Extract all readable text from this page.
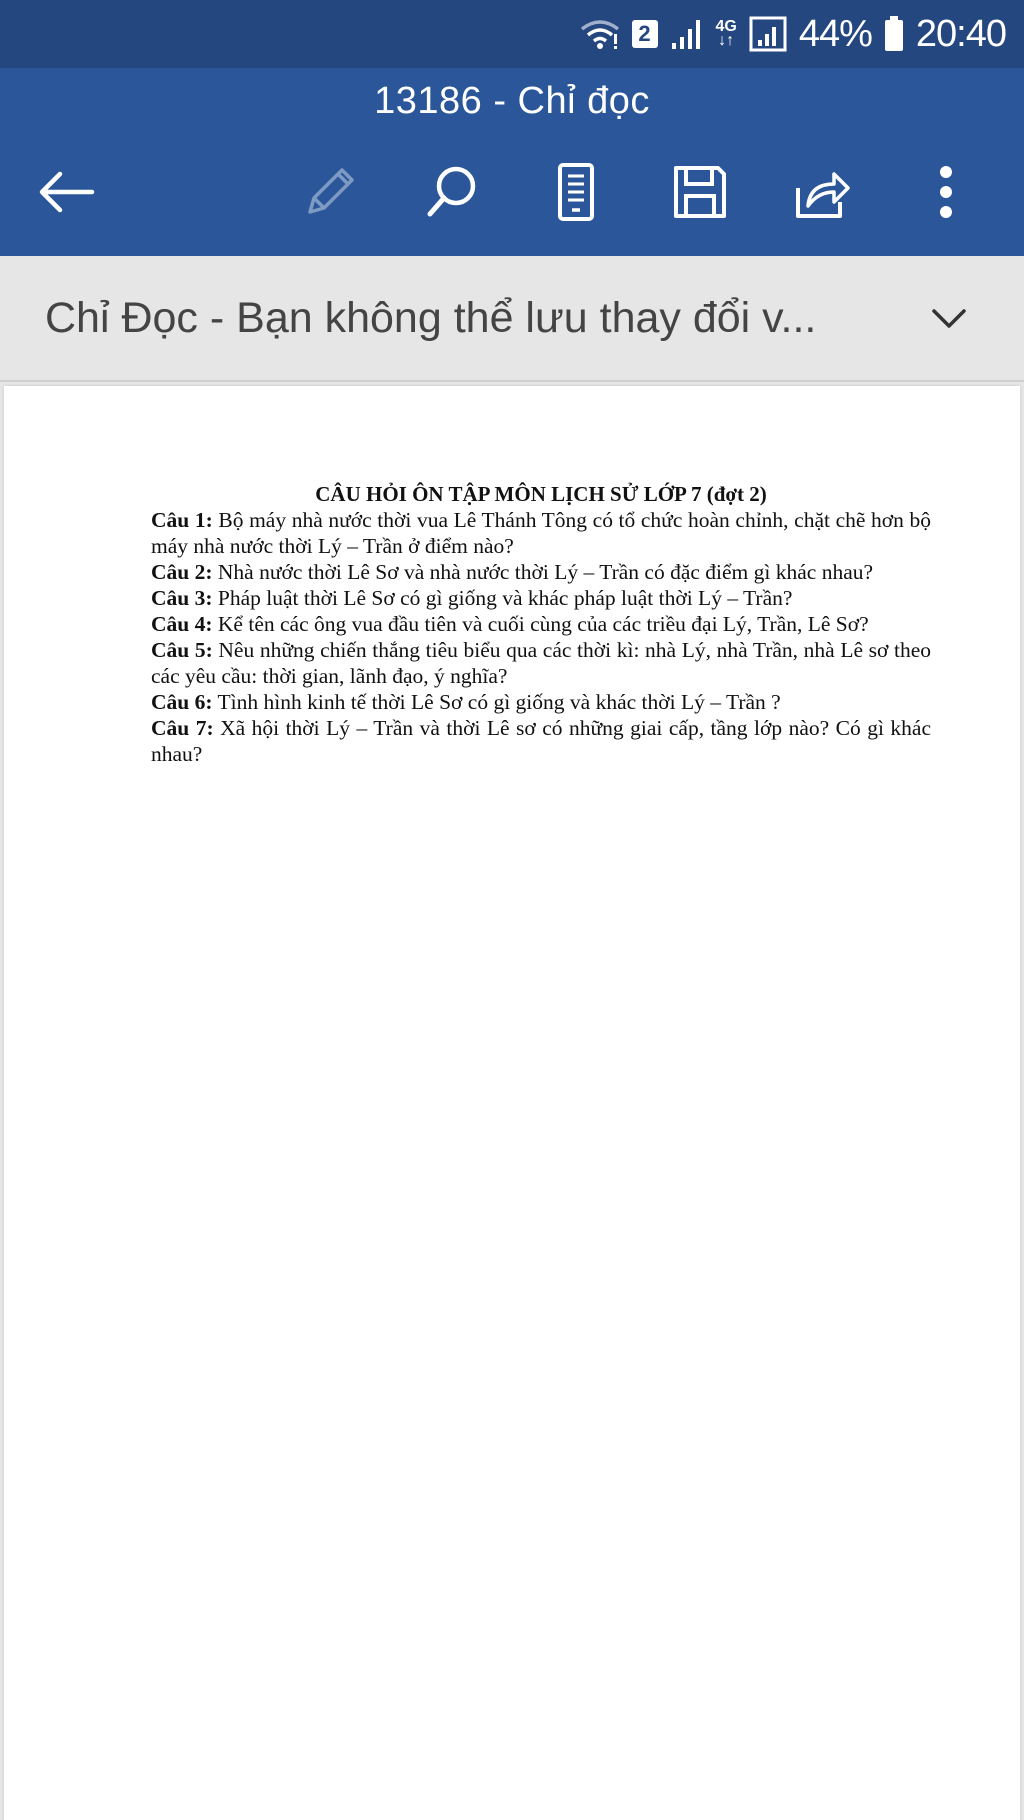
2	4G
↓↑ 44% 20:40
13186 - Chỉ đọc
Chỉ Đọc - Bạn không thể lưu thay đổi v...

CÂU HỎI ÔN TẬP MÔN LỊCH SỬ LỚP 7 (đợt 2)

Câu 1: Bộ máy nhà nước thời vua Lê Thánh Tông có tổ chức hoàn chỉnh, chặt chẽ hơn bộ máy nhà nước thời Lý – Trần ở điểm nào?

Câu 2: Nhà nước thời Lê Sơ và nhà nước thời Lý – Trần có đặc điểm gì khác nhau?

Câu 3: Pháp luật thời Lê Sơ có gì giống và khác pháp luật thời Lý – Trần?

Câu 4: Kể tên các ông vua đầu tiên và cuối cùng của các triều đại Lý, Trần, Lê Sơ?

Câu 5: Nêu những chiến thắng tiêu biểu qua các thời kì: nhà Lý, nhà Trần, nhà Lê sơ theo các yêu cầu: thời gian, lãnh đạo, ý nghĩa?

Câu 6: Tình hình kinh tế thời Lê Sơ có gì giống và khác thời Lý – Trần ?

Câu 7: Xã hội thời Lý – Trần và thời Lê sơ có những giai cấp, tầng lớp nào? Có gì khác nhau?
